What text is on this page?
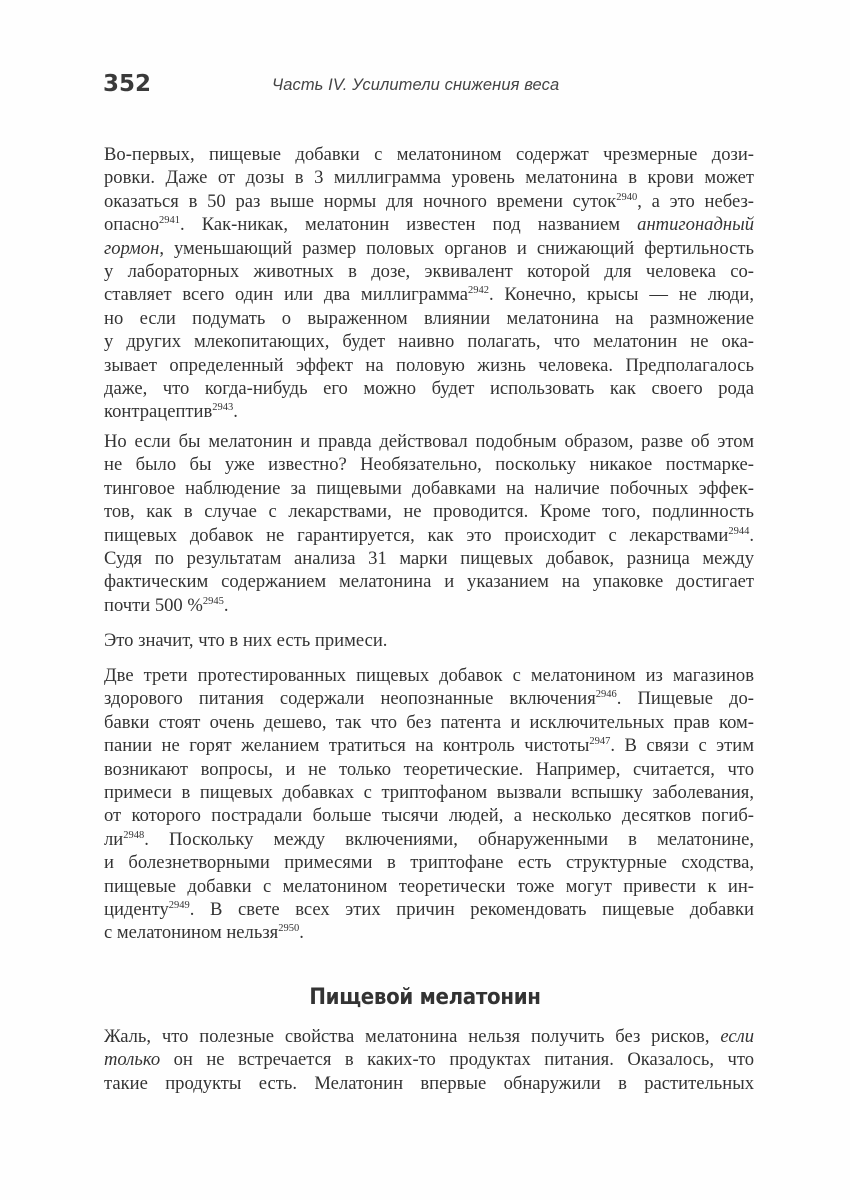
352	Часть IV. Усилители снижения веса
Во-первых, пищевые добавки с мелатонином содержат чрезмерные дози-
ровки. Даже от дозы в 3 миллиграмма уровень мелатонина в крови может
оказаться в 50 раз выше нормы для ночного времени суток$^{2940}$, а это небез-
опасно$^{2941}$. Как-никак, мелатонин известен под названием антигонадный
гормон, уменьшающий размер половых органов и снижающий фертильность
у лабораторных животных в дозе, эквивалент которой для человека со-
ставляет всего один или два миллиграмма$^{2942}$. Конечно, крысы — не люди,
но если подумать о выраженном влиянии мелатонина на размножение
у других млекопитающих, будет наивно полагать, что мелатонин не ока-
зывает определенный эффект на половую жизнь человека. Предполагалось
даже, что когда-нибудь его можно будет использовать как своего рода
контрацептив$^{2943}$.
Но если бы мелатонин и правда действовал подобным образом, разве об этом
не было бы уже известно? Необязательно, поскольку никакое постмарке-
тинговое наблюдение за пищевыми добавками на наличие побочных эффек-
тов, как в случае с лекарствами, не проводится. Кроме того, подлинность
пищевых добавок не гарантируется, как это происходит с лекарствами$^{2944}$.
Судя по результатам анализа 31 марки пищевых добавок, разница между
фактическим содержанием мелатонина и указанием на упаковке достигает
почти 500 %$^{2945}$.
Это значит, что в них есть примеси.
Две трети протестированных пищевых добавок с мелатонином из магазинов
здорового питания содержали неопознанные включения$^{2946}$. Пищевые до-
бавки стоят очень дешево, так что без патента и исключительных прав ком-
пании не горят желанием тратиться на контроль чистоты$^{2947}$. В связи с этим
возникают вопросы, и не только теоретические. Например, считается, что
примеси в пищевых добавках с триптофаном вызвали вспышку заболевания,
от которого пострадали больше тысячи людей, а несколько десятков погиб-
$ли^{2948}$. Поскольку между включениями, обнаруженными в мелатонине,
и болезнетворными примесями в триптофане есть структурные сходства,
пищевые добавки с мелатонином теоретически тоже могут привести к ин-
циденту$^{2949}$. В свете всех этих причин рекомендовать пищевые добавки
с мелатонином нельзя$^{2950}$.
Пищевой мелатонин
Жаль, что полезные свойства мелатонина нельзя получить без рисков, если
только он не встречается в каких-то продуктах питания. Оказалось, что
такие продукты есть. Мелатонин впервые обнаружили в растительных
